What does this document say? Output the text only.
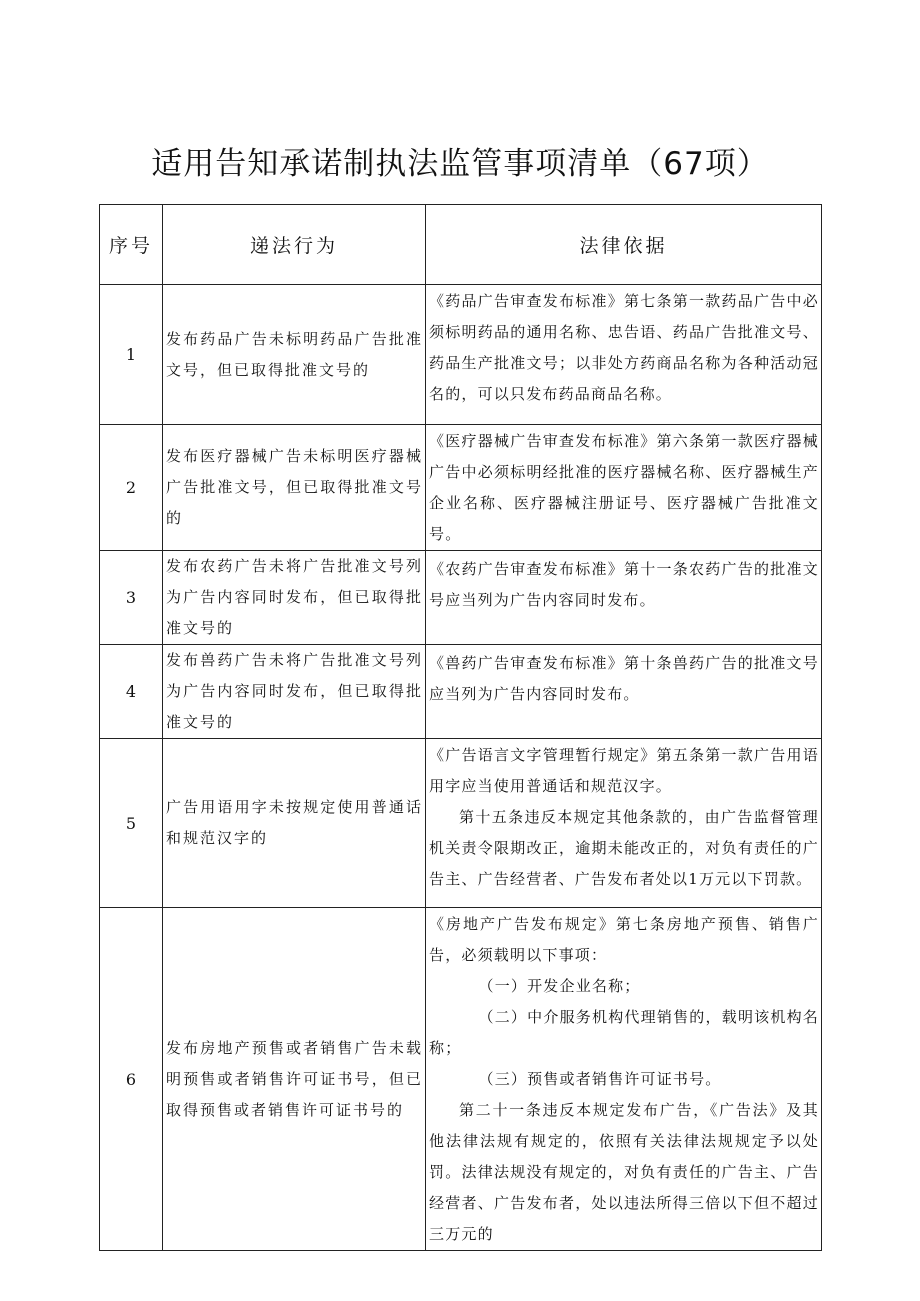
适用告知承诺制执法监管事项清单（67项）
序号	递法行为	法律依据
1	发布药品广告未标明药品广告批准文号，但已取得批准文号的	《药品广告审查发布标准》第七条第一款药品广告中必须标明药品的通用名称、忠告语、药品广告批准文号、药品生产批准文号；以非处方药商品名称为各种活动冠名的，可以只发布药品商品名称。

2	发布医疗器械广告未标明医疗器械广告批准文号，但已取得批准文号的	《医疗器械广告审查发布标准》第六条第一款医疗器械广告中必须标明经批准的医疗器械名称、医疗器械生产企业名称、医疗器械注册证号、医疗器械广告批准文号。

3	发布农药广告未将广告批准文号列为广告内容同时发布，但已取得批准文号的	《农药广告审查发布标准》第十一条农药广告的批准文号应当列为广告内容同时发布。

4	发布兽药广告未将广告批准文号列为广告内容同时发布，但已取得批准文号的	《兽药广告审查发布标准》第十条兽药广告的批准文号应当列为广告内容同时发布。

5	广告用语用字未按规定使用普通话和规范汉字的	《广告语言文字管理暂行规定》第五条第一款广告用语用字应当使用普通话和规范汉字。

第十五条违反本规定其他条款的，由广告监督管理机关责令限期改正，逾期未能改正的，对负有责任的广告主、广告经营者、广告发布者处以1万元以下罚款。

6	发布房地产预售或者销售广告未载明预售或者销售许可证书号，但已取得预售或者销售许可证书号的	《房地产广告发布规定》第七条房地产预售、销售广告，必须载明以下事项：

（一）开发企业名称；

（二）中介服务机构代理销售的，载明该机构名称；

（三）预售或者销售许可证书号。

第二十一条违反本规定发布广告，《广告法》及其他法律法规有规定的，依照有关法律法规规定予以处罚。法律法规没有规定的，对负有责任的广告主、广告经营者、广告发布者，处以违法所得三倍以下但不超过三万元的
